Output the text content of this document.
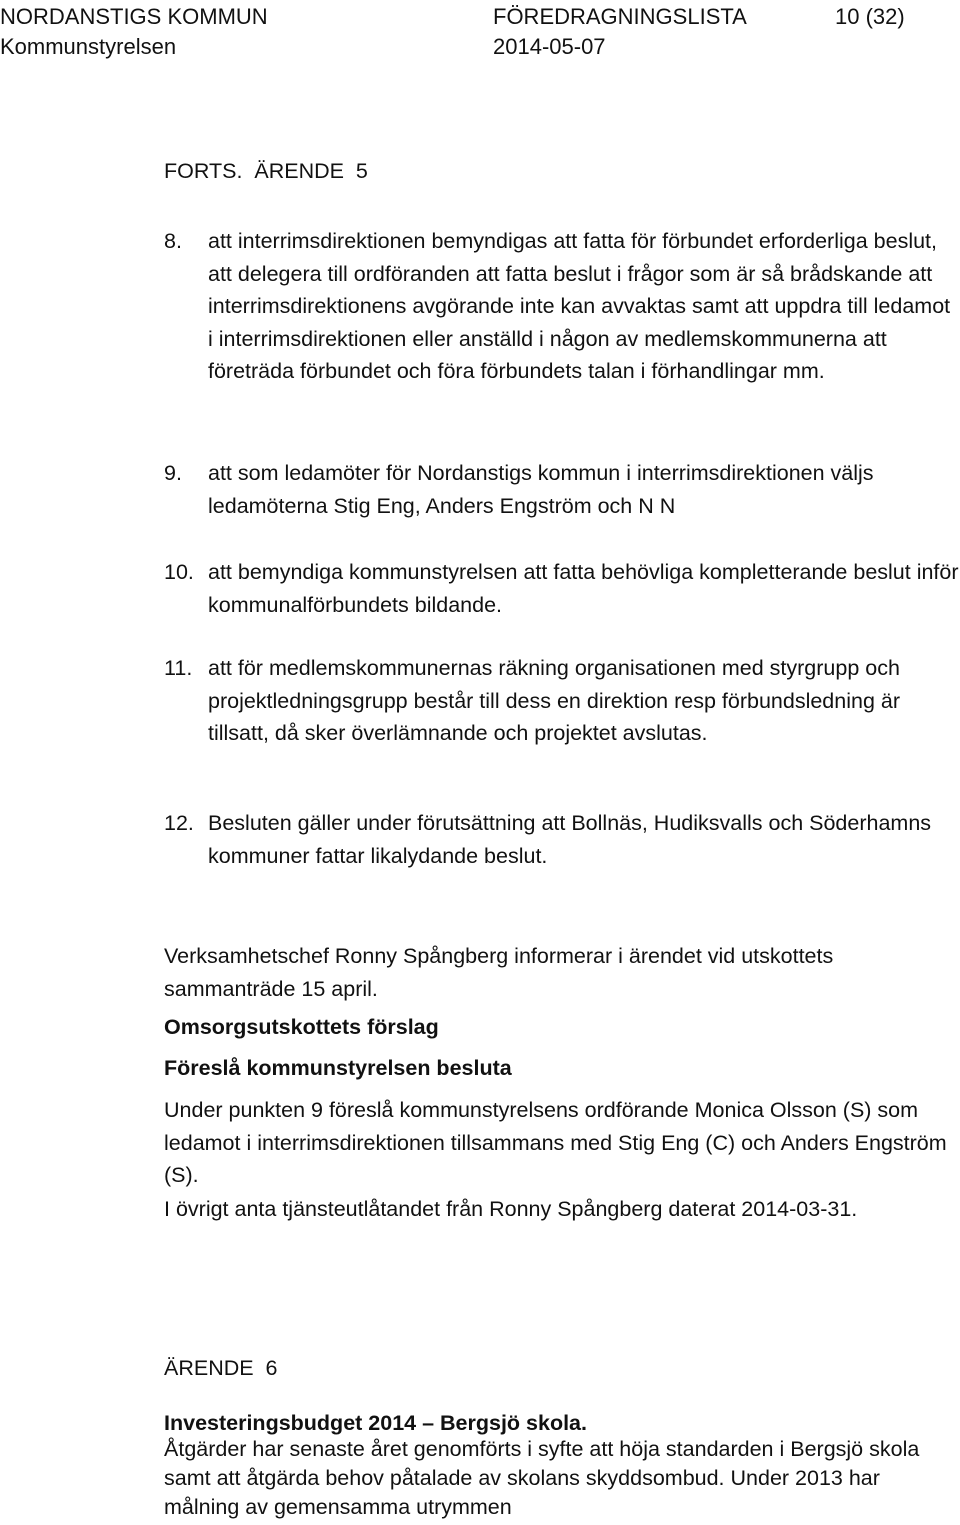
NORDANSTIGS KOMMUN	FÖREDRAGNINGSLISTA	10 (32)
Kommunstyrelsen	2014-05-07
FORTS.  ÄRENDE  5
8. att interrimsdirektionen bemyndigas att fatta för förbundet erforderliga beslut, att delegera till ordföranden att fatta beslut i frågor som är så brådskande att interrimsdirektionens avgörande inte kan avvaktas samt att uppdra till ledamot i interrimsdirektionen eller anställd i någon av medlemskommunerna att företräda förbundet och föra förbundets talan i förhandlingar mm.
9. att som ledamöter för Nordanstigs kommun i interrimsdirektionen väljs ledamöterna Stig Eng, Anders Engström och N N
10. att bemyndiga kommunstyrelsen att fatta behövliga kompletterande beslut inför kommunalförbundets bildande.
11. att för medlemskommunernas räkning organisationen med styrgrupp och projektledningsgrupp består till dess en direktion resp förbundsledning är tillsatt, då sker överlämnande och projektet avslutas.
12. Besluten gäller under förutsättning att Bollnäs, Hudiksvalls och Söderhamns kommuner fattar likalydande beslut.
Verksamhetschef Ronny Spångberg informerar i ärendet vid utskottets sammanträde 15 april.
Omsorgsutskottets förslag
Föreslå kommunstyrelsen besluta
Under punkten 9 föreslå kommunstyrelsens ordförande Monica Olsson (S) som ledamot i interrimsdirektionen tillsammans med Stig Eng (C) och Anders Engström (S).
I övrigt anta tjänsteutlåtandet från Ronny Spångberg daterat 2014-03-31.
ÄRENDE  6
Investeringsbudget 2014 – Bergsjö skola.
Åtgärder har senaste året genomförts i syfte att höja standarden i Bergsjö skola samt att åtgärda behov påtalade av skolans skyddsombud. Under 2013 har målning av gemensamma utrymmen
